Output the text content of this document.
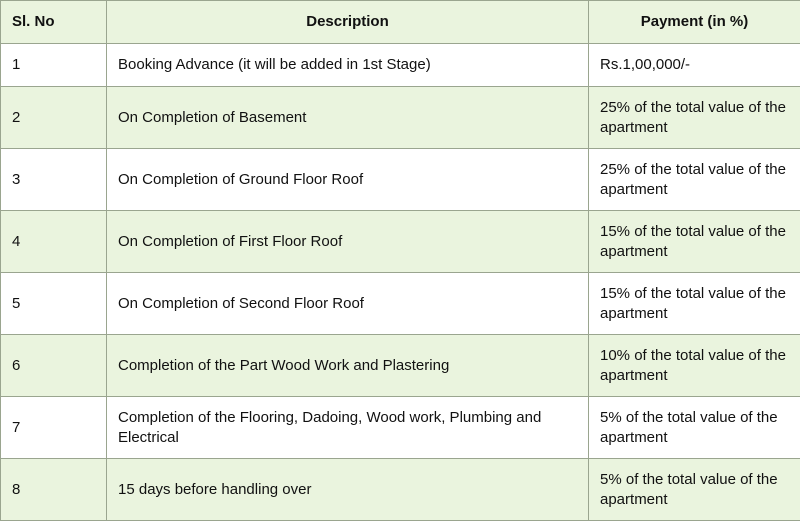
Sl. No	Description	Payment (in %)
1	Booking Advance (it will be added in 1st Stage)	Rs.1,00,000/-
2	On Completion of Basement	25% of the total value of the apartment
3	On Completion of Ground Floor Roof	25% of the total value of the apartment
4	On Completion of First Floor Roof	15% of the total value of the apartment
5	On Completion of Second Floor Roof	15% of the total value of the apartment
6	Completion of the Part Wood Work and Plastering	10% of the total value of the apartment
7	Completion of the Flooring, Dadoing, Wood work, Plumbing and Electrical	5% of the total value of the apartment
8	15 days before handling over	5% of the total value of the apartment
